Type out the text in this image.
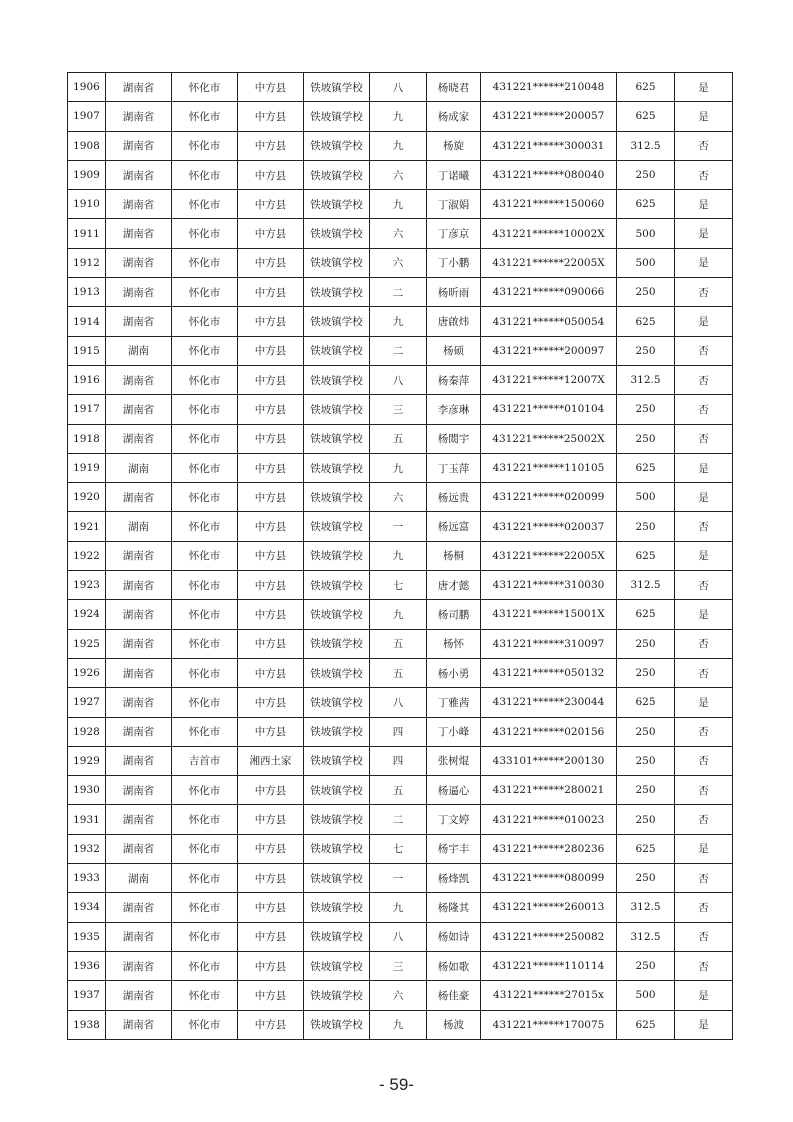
1906	湖南省	怀化市	中方县	铁坡镇学校	八	杨晓君	431221******210048	625	是
1907	湖南省	怀化市	中方县	铁坡镇学校	九	杨成家	431221******200057	625	是
1908	湖南省	怀化市	中方县	铁坡镇学校	九	杨旋	431221******300031	312.5	否
1909	湖南省	怀化市	中方县	铁坡镇学校	六	丁诺曦	431221******080040	250	否
1910	湖南省	怀化市	中方县	铁坡镇学校	九	丁淑娟	431221******150060	625	是
1911	湖南省	怀化市	中方县	铁坡镇学校	六	丁彦京	431221******10002X	500	是
1912	湖南省	怀化市	中方县	铁坡镇学校	六	丁小鹏	431221******22005X	500	是
1913	湖南省	怀化市	中方县	铁坡镇学校	二	杨昕雨	431221******090066	250	否
1914	湖南省	怀化市	中方县	铁坡镇学校	九	唐啟炜	431221******050054	625	是
1915	湖南	怀化市	中方县	铁坡镇学校	二	杨硕	431221******200097	250	否
1916	湖南省	怀化市	中方县	铁坡镇学校	八	杨秦萍	431221******12007X	312.5	否
1917	湖南省	怀化市	中方县	铁坡镇学校	三	李彦琳	431221******010104	250	否
1918	湖南省	怀化市	中方县	铁坡镇学校	五	杨閦宇	431221******25002X	250	否
1919	湖南	怀化市	中方县	铁坡镇学校	九	丁玉萍	431221******110105	625	是
1920	湖南省	怀化市	中方县	铁坡镇学校	六	杨远贵	431221******020099	500	是
1921	湖南	怀化市	中方县	铁坡镇学校	一	杨远富	431221******020037	250	否
1922	湖南省	怀化市	中方县	铁坡镇学校	九	杨桐	431221******22005X	625	是
1923	湖南省	怀化市	中方县	铁坡镇学校	七	唐才懿	431221******310030	312.5	否
1924	湖南省	怀化市	中方县	铁坡镇学校	九	杨司鹏	431221******15001X	625	是
1925	湖南省	怀化市	中方县	铁坡镇学校	五	杨怀	431221******310097	250	否
1926	湖南省	怀化市	中方县	铁坡镇学校	五	杨小勇	431221******050132	250	否
1927	湖南省	怀化市	中方县	铁坡镇学校	八	丁雅茜	431221******230044	625	是
1928	湖南省	怀化市	中方县	铁坡镇学校	四	丁小峰	431221******020156	250	否
1929	湖南省	吉首市	湘西土家	铁坡镇学校	四	张树焜	433101******200130	250	否
1930	湖南省	怀化市	中方县	铁坡镇学校	五	杨逼心	431221******280021	250	否
1931	湖南省	怀化市	中方县	铁坡镇学校	二	丁文婷	431221******010023	250	否
1932	湖南省	怀化市	中方县	铁坡镇学校	七	杨宇丰	431221******280236	625	是
1933	湖南	怀化市	中方县	铁坡镇学校	一	杨烽凯	431221******080099	250	否
1934	湖南省	怀化市	中方县	铁坡镇学校	九	杨隆其	431221******260013	312.5	否
1935	湖南省	怀化市	中方县	铁坡镇学校	八	杨如诗	431221******250082	312.5	否
1936	湖南省	怀化市	中方县	铁坡镇学校	三	杨如歌	431221******110114	250	否
1937	湖南省	怀化市	中方县	铁坡镇学校	六	杨佳豪	431221******27015x	500	是
1938	湖南省	怀化市	中方县	铁坡镇学校	九	杨波	431221******170075	625	是
- 59-
